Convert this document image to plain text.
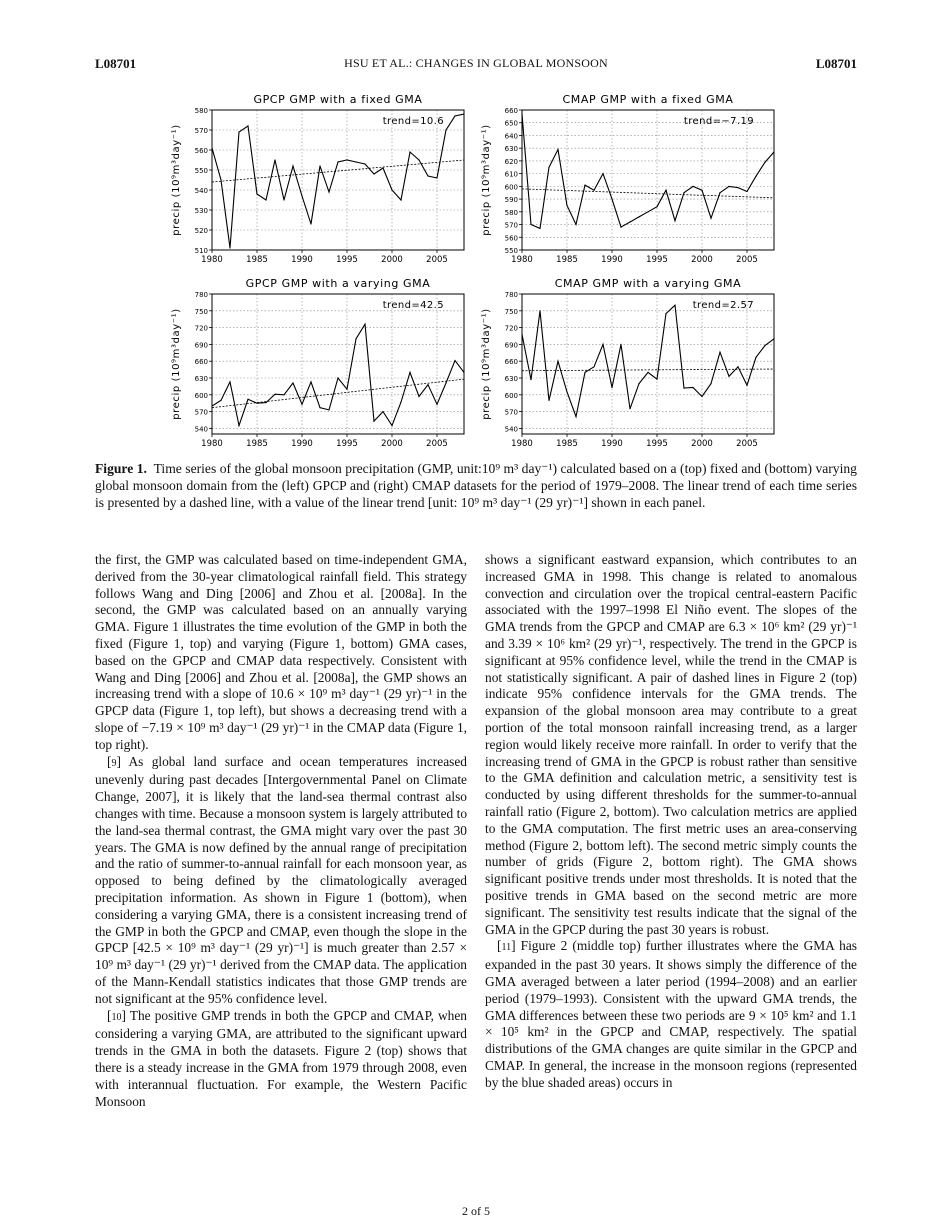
L08701	HSU ET AL.: CHANGES IN GLOBAL MONSOON	L08701
1980	1985	1990	1995	2000	2005
510
520
530
540
550
560
570
580
GPCP GMP with a fixed GMA
precip (10⁹m³day⁻¹)
trend=10.6
1980	1985	1990	1995	2000	2005
550
560
570
580
590
600
610
620
630
640
650
660
CMAP GMP with a fixed GMA
precip (10⁹m³day⁻¹)
trend=−7.19
1980	1985	1990	1995	2000	2005
540
570
600
630
660
690
720
750
780
GPCP GMP with a varying GMA
precip (10⁹m³day⁻¹)
trend=42.5
1980	1985	1990	1995	2000	2005
540
570
600
630
660
690
720
750
780
CMAP GMP with a varying GMA
precip (10⁹m³day⁻¹)
trend=2.57
Figure 1. Time series of the global monsoon precipitation (GMP, unit:10⁹ m³ day⁻¹) calculated based on a (top) fixed and (bottom) varying global monsoon domain from the (left) GPCP and (right) CMAP datasets for the period of 1979–2008. The linear trend of each time series is presented by a dashed line, with a value of the linear trend [unit: 10⁹ m³ day⁻¹ (29 yr)⁻¹] shown in each panel.

the first, the GMP was calculated based on time-independent GMA, derived from the 30-year climatological rainfall field. This strategy follows Wang and Ding [2006] and Zhou et al. [2008a]. In the second, the GMP was calculated based on an annually varying GMA. Figure 1 illustrates the time evolution of the GMP in both the fixed (Figure 1, top) and varying (Figure 1, bottom) GMA cases, based on the GPCP and CMAP data respectively. Consistent with Wang and Ding [2006] and Zhou et al. [2008a], the GMP shows an increasing trend with a slope of 10.6 × 10⁹ m³ day⁻¹ (29 yr)⁻¹ in the GPCP data (Figure 1, top left), but shows a decreasing trend with a slope of −7.19 × 10⁹ m³ day⁻¹ (29 yr)⁻¹ in the CMAP data (Figure 1, top right).

[9] As global land surface and ocean temperatures increased unevenly during past decades [Intergovernmental Panel on Climate Change, 2007], it is likely that the land-sea thermal contrast also changes with time. Because a monsoon system is largely attributed to the land-sea thermal contrast, the GMA might vary over the past 30 years. The GMA is now defined by the annual range of precipitation and the ratio of summer-to-annual rainfall for each monsoon year, as opposed to being defined by the climatologically averaged precipitation information. As shown in Figure 1 (bottom), when considering a varying GMA, there is a consistent increasing trend of the GMP in both the GPCP and CMAP, even though the slope in the GPCP [42.5 × 10⁹ m³ day⁻¹ (29 yr)⁻¹] is much greater than 2.57 × 10⁹ m³ day⁻¹ (29 yr)⁻¹ derived from the CMAP data. The application of the Mann-Kendall statistics indicates that those GMP trends are not significant at the 95% confidence level.

[10] The positive GMP trends in both the GPCP and CMAP, when considering a varying GMA, are attributed to the significant upward trends in the GMA in both the datasets. Figure 2 (top) shows that there is a steady increase in the GMA from 1979 through 2008, even with interannual fluctuation. For example, the Western Pacific Monsoon

shows a significant eastward expansion, which contributes to an increased GMA in 1998. This change is related to anomalous convection and circulation over the tropical central-eastern Pacific associated with the 1997–1998 El Niño event. The slopes of the GMA trends from the GPCP and CMAP are 6.3 × 10⁶ km² (29 yr)⁻¹ and 3.39 × 10⁶ km² (29 yr)⁻¹, respectively. The trend in the GPCP is significant at 95% confidence level, while the trend in the CMAP is not statistically significant. A pair of dashed lines in Figure 2 (top) indicate 95% confidence intervals for the GMA trends. The expansion of the global monsoon area may contribute to a great portion of the total monsoon rainfall increasing trend, as a larger region would likely receive more rainfall. In order to verify that the increasing trend of GMA in the GPCP is robust rather than sensitive to the GMA definition and calculation metric, a sensitivity test is conducted by using different thresholds for the summer-to-annual rainfall ratio (Figure 2, bottom). Two calculation metrics are applied to the GMA computation. The first metric uses an area-conserving method (Figure 2, bottom left). The second metric simply counts the number of grids (Figure 2, bottom right). The GMA shows significant positive trends under most thresholds. It is noted that the positive trends in GMA based on the second metric are more significant. The sensitivity test results indicate that the signal of the GMA in the GPCP during the past 30 years is robust.

[11] Figure 2 (middle top) further illustrates where the GMA has expanded in the past 30 years. It shows simply the difference of the GMA averaged between a later period (1994–2008) and an earlier period (1979–1993). Consistent with the upward GMA trends, the GMA differences between these two periods are 9 × 10⁵ km² and 1.1 × 10⁵ km² in the GPCP and CMAP, respectively. The spatial distributions of the GMA changes are quite similar in the GPCP and CMAP. In general, the increase in the monsoon regions (represented by the blue shaded areas) occurs in

2 of 5
